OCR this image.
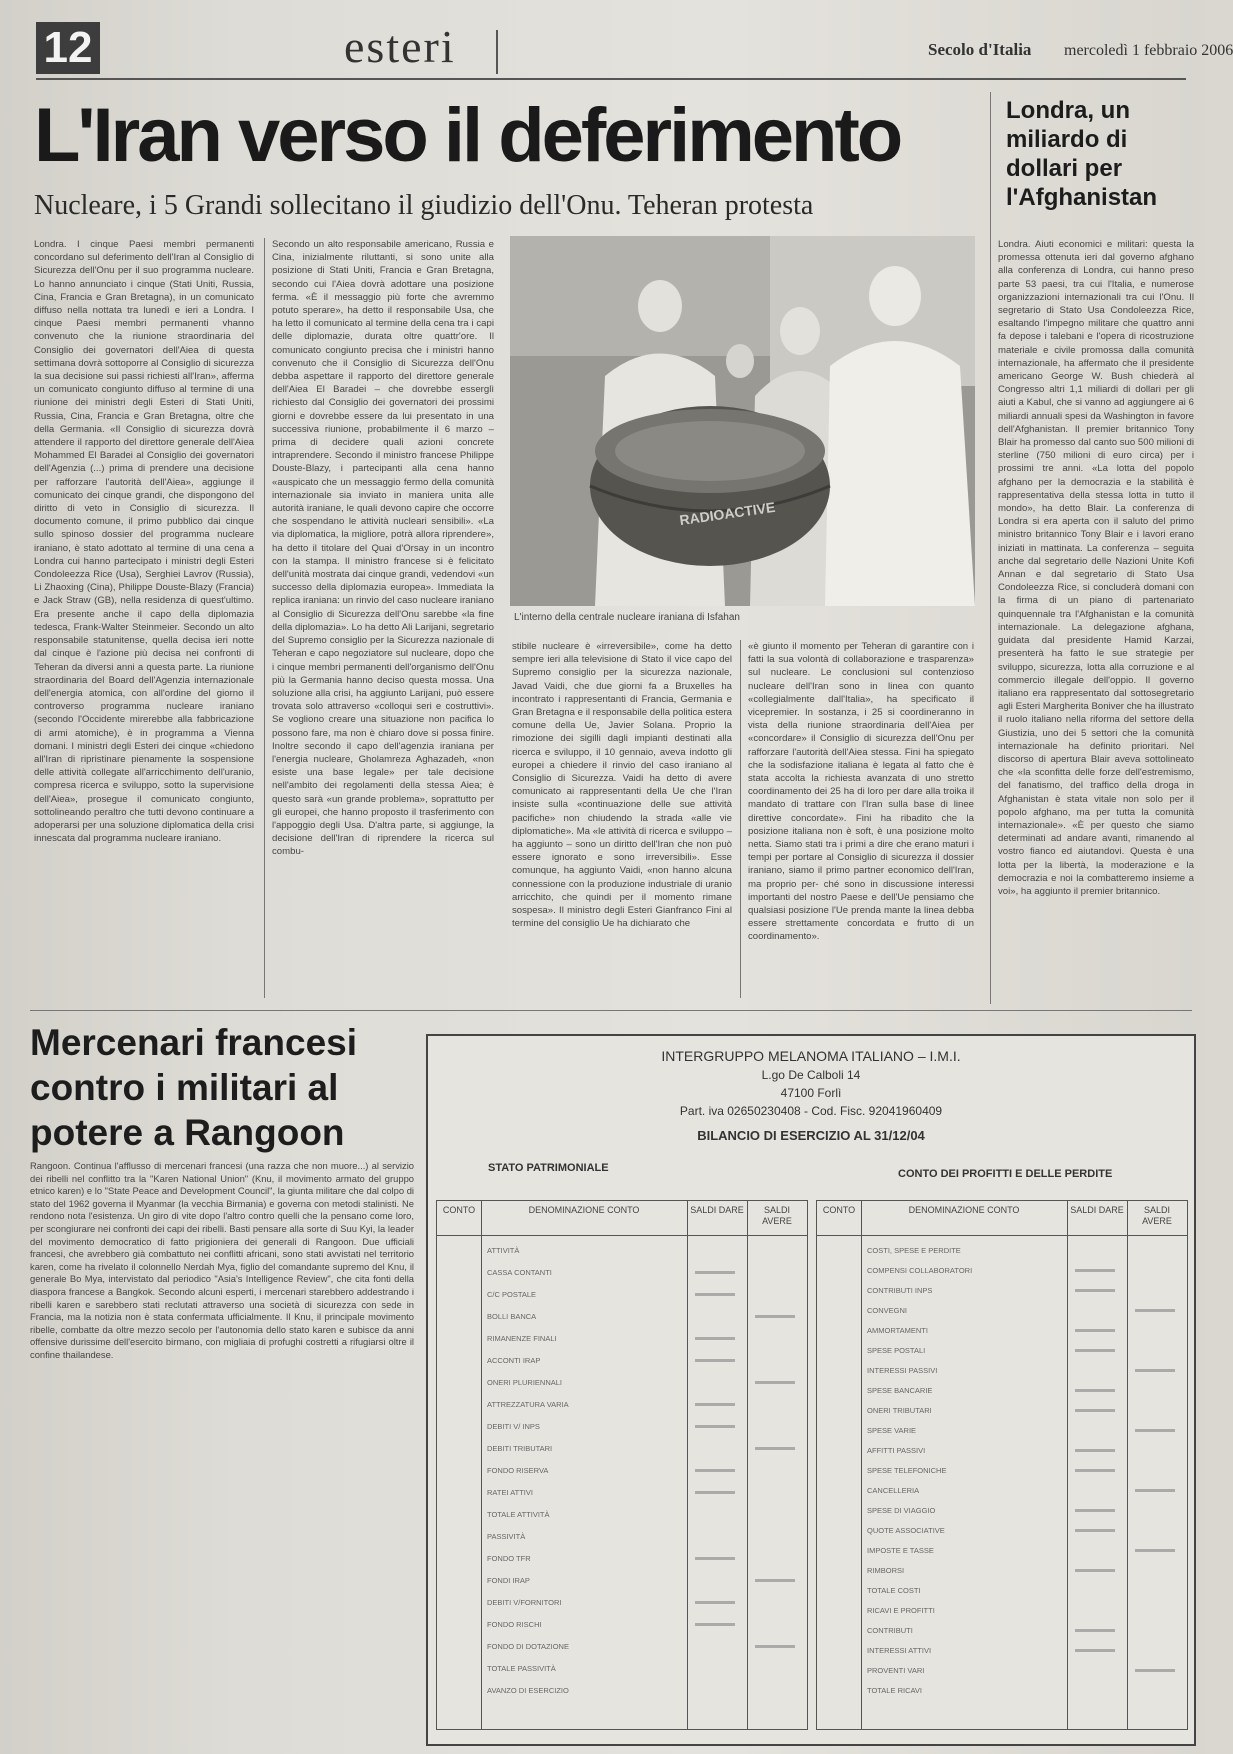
12	esteri	Secolo d'Italia mercoledì 1 febbraio 2006
L'Iran verso il deferimento
Nucleare, i 5 Grandi sollecitano il giudizio dell'Onu. Teheran protesta
Londra. I cinque Paesi membri permanenti concordano sul deferimento dell'Iran al Consiglio di Sicurezza dell'Onu per il suo programma nucleare. Lo hanno annunciato i cinque (Stati Uniti, Russia, Cina, Francia e Gran Bretagna), in un comunicato diffuso nella nottata tra lunedì e ieri a Londra. I cinque Paesi membri permanenti vhanno convenuto che la riunione straordinaria del Consiglio dei governatori dell'Aiea di questa settimana dovrà sottoporre al Consiglio di sicurezza la sua decisione sui passi richiesti all'Iran», afferma un comunicato congiunto diffuso al termine di una riunione dei ministri degli Esteri di Stati Uniti, Russia, Cina, Francia e Gran Bretagna, oltre che della Germania. «Il Consiglio di sicurezza dovrà attendere il rapporto del direttore generale dell'Aiea Mohammed El Baradei al Consiglio dei governatori dell'Agenzia (...) prima di prendere una decisione per rafforzare l'autorità dell'Aiea», aggiunge il comunicato dei cinque grandi, che dispongono del diritto di veto in Consiglio di sicurezza. Il documento comune, il primo pubblico dai cinque sullo spinoso dossier del programma nucleare iraniano, è stato adottato al termine di una cena a Londra cui hanno partecipato i ministri degli Esteri Condoleezza Rice (Usa), Serghiei Lavrov (Russia), Li Zhaoxing (Cina), Philippe Douste-Blazy (Francia) e Jack Straw (GB), nella residenza di quest'ultimo. Era presente anche il capo della diplomazia tedesca, Frank-Walter Steinmeier. Secondo un alto responsabile statunitense, quella decisa ieri notte dal cinque è l'azione più decisa nei confronti di Teheran da diversi anni a questa parte. La riunione straordinaria del Board dell'Agenzia internazionale dell'energia atomica, con all'ordine del giorno il controverso programma nucleare iraniano (secondo l'Occidente mirerebbe alla fabbricazione di armi atomiche), è in programma a Vienna domani. I ministri degli Esteri dei cinque «chiedono all'Iran di ripristinare pienamente la sospensione delle attività collegate all'arricchimento dell'uranio, compresa ricerca e sviluppo, sotto la supervisione dell'Aiea», prosegue il comunicato congiunto, sottolineando peraltro che tutti devono continuare a adoperarsi per una soluzione diplomatica della crisi innescata dal programma nucleare iraniano.
Secondo un alto responsabile americano, Russia e Cina, inizialmente riluttanti, si sono unite alla posizione di Stati Uniti, Francia e Gran Bretagna, secondo cui l'Aiea dovrà adottare una posizione ferma. «È il messaggio più forte che avremmo potuto sperare», ha detto il responsabile Usa, che ha letto il comunicato al termine della cena tra i capi delle diplomazie, durata oltre quattr'ore. Il comunicato congiunto precisa che i ministri hanno convenuto che il Consiglio di Sicurezza dell'Onu debba aspettare il rapporto del direttore generale dell'Aiea El Baradei – che dovrebbe esserglì richiesto dal Consiglio dei governatori dei prossimi giorni e dovrebbe essere da lui presentato in una successiva riunione, probabilmente il 6 marzo – prima di decidere quali azioni concrete intraprendere. Secondo il ministro francese Philippe Douste-Blazy, i partecipanti alla cena hanno «auspicato che un messaggio fermo della comunità internazionale sia inviato in maniera unita alle autorità iraniane, le quali devono capire che occorre che sospendano le attività nucleari sensibili». «La via diplomatica, la migliore, potrà allora riprendere», ha detto il titolare del Quai d'Orsay in un incontro con la stampa. Il ministro francese si è felicitato dell'unità mostrata dai cinque grandi, vedendovi «un successo della diplomazia europea». Immediata la replica iraniana: un rinvio del caso nucleare iraniano al Consiglio di Sicurezza dell'Onu sarebbe «la fine della diplomazia». Lo ha detto Ali Larijani, segretario del Supremo consiglio per la Sicurezza nazionale di Teheran e capo negoziatore sul nucleare, dopo che i cinque membri permanenti dell'organismo dell'Onu più la Germania hanno deciso questa mossa. Una soluzione alla crisi, ha aggiunto Larijani, può essere trovata solo attraverso «colloqui seri e costruttivi». Se vogliono creare una situazione non pacifica lo possono fare, ma non è chiaro dove si possa finire. Inoltre secondo il capo dell'agenzia iraniana per l'energia nucleare, Gholamreza Aghazadeh, «non esiste una base legale» per tale decisione nell'ambito dei regolamenti della stessa Aiea; è questo sarà «un grande problema», soprattutto per gli europei, che hanno proposto il trasferimento con l'appoggio degli Usa. D'altra parte, si aggiunge, la decisione dell'Iran di riprendere la ricerca sul combu-
RADIOACTIVE
L'interno della centrale nucleare iraniana di Isfahan
stibile nucleare è «irreversibile», come ha detto sempre ieri alla televisione di Stato il vice capo del Supremo consiglio per la sicurezza nazionale, Javad Vaidi, che due giorni fa a Bruxelles ha incontrato i rappresentanti di Francia, Germania e Gran Bretagna e il responsabile della politica estera comune della Ue, Javier Solana. Proprio la rimozione dei sigilli dagli impianti destinati alla ricerca e sviluppo, il 10 gennaio, aveva indotto gli europei a chiedere il rinvio del caso iraniano al Consiglio di Sicurezza. Vaidi ha detto di avere comunicato ai rappresentanti della Ue che l'Iran insiste sulla «continuazione delle sue attività pacifiche» non chiudendo la strada «alle vie diplomatiche». Ma «le attività di ricerca e sviluppo – ha aggiunto – sono un diritto dell'Iran che non può essere ignorato e sono irreversibili». Esse comunque, ha aggiunto Vaidi, «non hanno alcuna connessione con la produzione industriale di uranio arricchito, che quindi per il momento rimane sospesa». Il ministro degli Esteri Gianfranco Fini al termine del consiglio Ue ha dichiarato che
«è giunto il momento per Teheran di garantire con i fatti la sua volontà di collaborazione e trasparenza» sul nucleare. Le conclusioni sul contenzioso nucleare dell'Iran sono in linea con quanto «collegialmente dall'Italia», ha specificato il vicepremier. In sostanza, i 25 si coordineranno in vista della riunione straordinaria dell'Aiea per «concordare» il Consiglio di sicurezza dell'Onu per rafforzare l'autorità dell'Aiea stessa. Fini ha spiegato che la sodisfazione italiana è legata al fatto che è stata accolta la richiesta avanzata di uno stretto coordinamento dei 25 ha di loro per dare alla troika il mandato di trattare con l'Iran sulla base di linee direttive concordate». Fini ha ribadito che la posizione italiana non è soft, è una posizione molto netta. Siamo stati tra i primi a dire che erano maturi i tempi per portare al Consiglio di sicurezza il dossier iraniano, siamo il primo partner economico dell'Iran, ma proprio per- ché sono in discussione interessi importanti del nostro Paese e dell'Ue pensiamo che qualsiasi posizione l'Ue prenda mante la linea debba essere strettamente concordata e frutto di un coordinamento».
Londra, un miliardo di dollari per l'Afghanistan
Londra. Aiuti economici e militari: questa la promessa ottenuta ieri dal governo afghano alla conferenza di Londra, cui hanno preso parte 53 paesi, tra cui l'Italia, e numerose organizzazioni internazionali tra cui l'Onu. Il segretario di Stato Usa Condoleezza Rice, esaltando l'impegno militare che quattro anni fa depose i talebani e l'opera di ricostruzione materiale e civile promossa dalla comunità internazionale, ha affermato che il presidente americano George W. Bush chiederà al Congresso altri 1,1 miliardi di dollari per gli aiuti a Kabul, che si vanno ad aggiungere ai 6 miliardi annuali spesi da Washington in favore dell'Afghanistan. Il premier britannico Tony Blair ha promesso dal canto suo 500 milioni di sterline (750 milioni di euro circa) per i prossimi tre anni. «La lotta del popolo afghano per la democrazia e la stabilità è rappresentativa della stessa lotta in tutto il mondo», ha detto Blair. La conferenza di Londra si era aperta con il saluto del primo ministro britannico Tony Blair e i lavori erano iniziati in mattinata. La conferenza – seguita anche dal segretario delle Nazioni Unite Kofi Annan e dal segretario di Stato Usa Condoleezza Rice, si concluderà domani con la firma di un piano di partenariato quinquennale tra l'Afghanistan e la comunità internazionale. La delegazione afghana, guidata dal presidente Hamid Karzai, presenterà ha fatto le sue strategie per sviluppo, sicurezza, lotta alla corruzione e al commercio illegale dell'oppio. Il governo italiano era rappresentato dal sottosegretario agli Esteri Margherita Boniver che ha illustrato il ruolo italiano nella riforma del settore della Giustizia, uno dei 5 settori che la comunità internazionale ha definito prioritari. Nel discorso di apertura Blair aveva sottolineato che «la sconfitta delle forze dell'estremismo, del fanatismo, del traffico della droga in Afghanistan è stata vitale non solo per il popolo afghano, ma per tutta la comunità internazionale». «È per questo che siamo determinati ad andare avanti, rimanendo al vostro fianco ed aiutandovi. Questa è una lotta per la libertà, la moderazione e la democrazia e noi la combatteremo insieme a voi», ha aggiunto il premier britannico.
Mercenari francesi contro i militari al potere a Rangoon
Rangoon. Continua l'afflusso di mercenari francesi (una razza che non muore...) al servizio dei ribelli nel conflitto tra la "Karen National Union" (Knu, il movimento armato del gruppo etnico karen) e lo "State Peace and Development Council", la giunta militare che dal colpo di stato del 1962 governa il Myanmar (la vecchia Birmania) e governa con metodi stalinisti. Ne rendono nota l'esistenza. Un giro di vite dopo l'altro contro quelli che la pensano come loro, per scongiurare nei confronti dei capi dei ribelli. Basti pensare alla sorte di Suu Kyi, la leader del movimento democratico di fatto prigioniera dei generali di Rangoon. Due ufficiali francesi, che avrebbero già combattuto nei conflitti africani, sono stati avvistati nel territorio karen, come ha rivelato il colonnello Nerdah Mya, figlio del comandante supremo del Knu, il generale Bo Mya, intervistato dal periodico "Asia's Intelligence Review", che cita fonti della diaspora francese a Bangkok. Secondo alcuni esperti, i mercenari starebbero addestrando i ribelli karen e sarebbero stati reclutati attraverso una società di sicurezza con sede in Francia, ma la notizia non è stata confermata ufficialmente. Il Knu, il principale movimento ribelle, combatte da oltre mezzo secolo per l'autonomia dello stato karen e subisce da anni offensive durissime dell'esercito birmano, con migliaia di profughi costretti a rifugiarsi oltre il confine thailandese.
INTERGRUPPO MELANOMA ITALIANO – I.M.I.
L.go De Calboli 14
47100 Forlì
Part. iva 02650230408 - Cod. Fisc. 92041960409
BILANCIO DI ESERCIZIO AL 31/12/04
STATO PATRIMONIALE	CONTO DEI PROFITTI E DELLE PERDITE
CONTO	DENOMINAZIONE CONTO	SALDI DARE	SALDI AVERE
ATTIVITÀ
CASSA CONTANTI
C/C POSTALE
BOLLI BANCA
RIMANENZE FINALI
ACCONTI IRAP
ONERI PLURIENNALI
ATTREZZATURA VARIA
DEBITI V/ INPS
DEBITI TRIBUTARI
FONDO RISERVA
RATEI ATTIVI
TOTALE ATTIVITÀ
PASSIVITÀ
FONDO TFR
FONDI IRAP
DEBITI V/FORNITORI
FONDO RISCHI
FONDO DI DOTAZIONE
TOTALE PASSIVITÀ
AVANZO DI ESERCIZIO
CONTO	DENOMINAZIONE CONTO	SALDI DARE	SALDI AVERE
COSTI, SPESE E PERDITE
COMPENSI COLLABORATORI
CONTRIBUTI INPS
CONVEGNI
AMMORTAMENTI
SPESE POSTALI
INTERESSI PASSIVI
SPESE BANCARIE
ONERI TRIBUTARI
SPESE VARIE
AFFITTI PASSIVI
SPESE TELEFONICHE
CANCELLERIA
SPESE DI VIAGGIO
QUOTE ASSOCIATIVE
IMPOSTE E TASSE
RIMBORSI
TOTALE COSTI
RICAVI E PROFITTI
CONTRIBUTI
INTERESSI ATTIVI
PROVENTI VARI
TOTALE RICAVI
